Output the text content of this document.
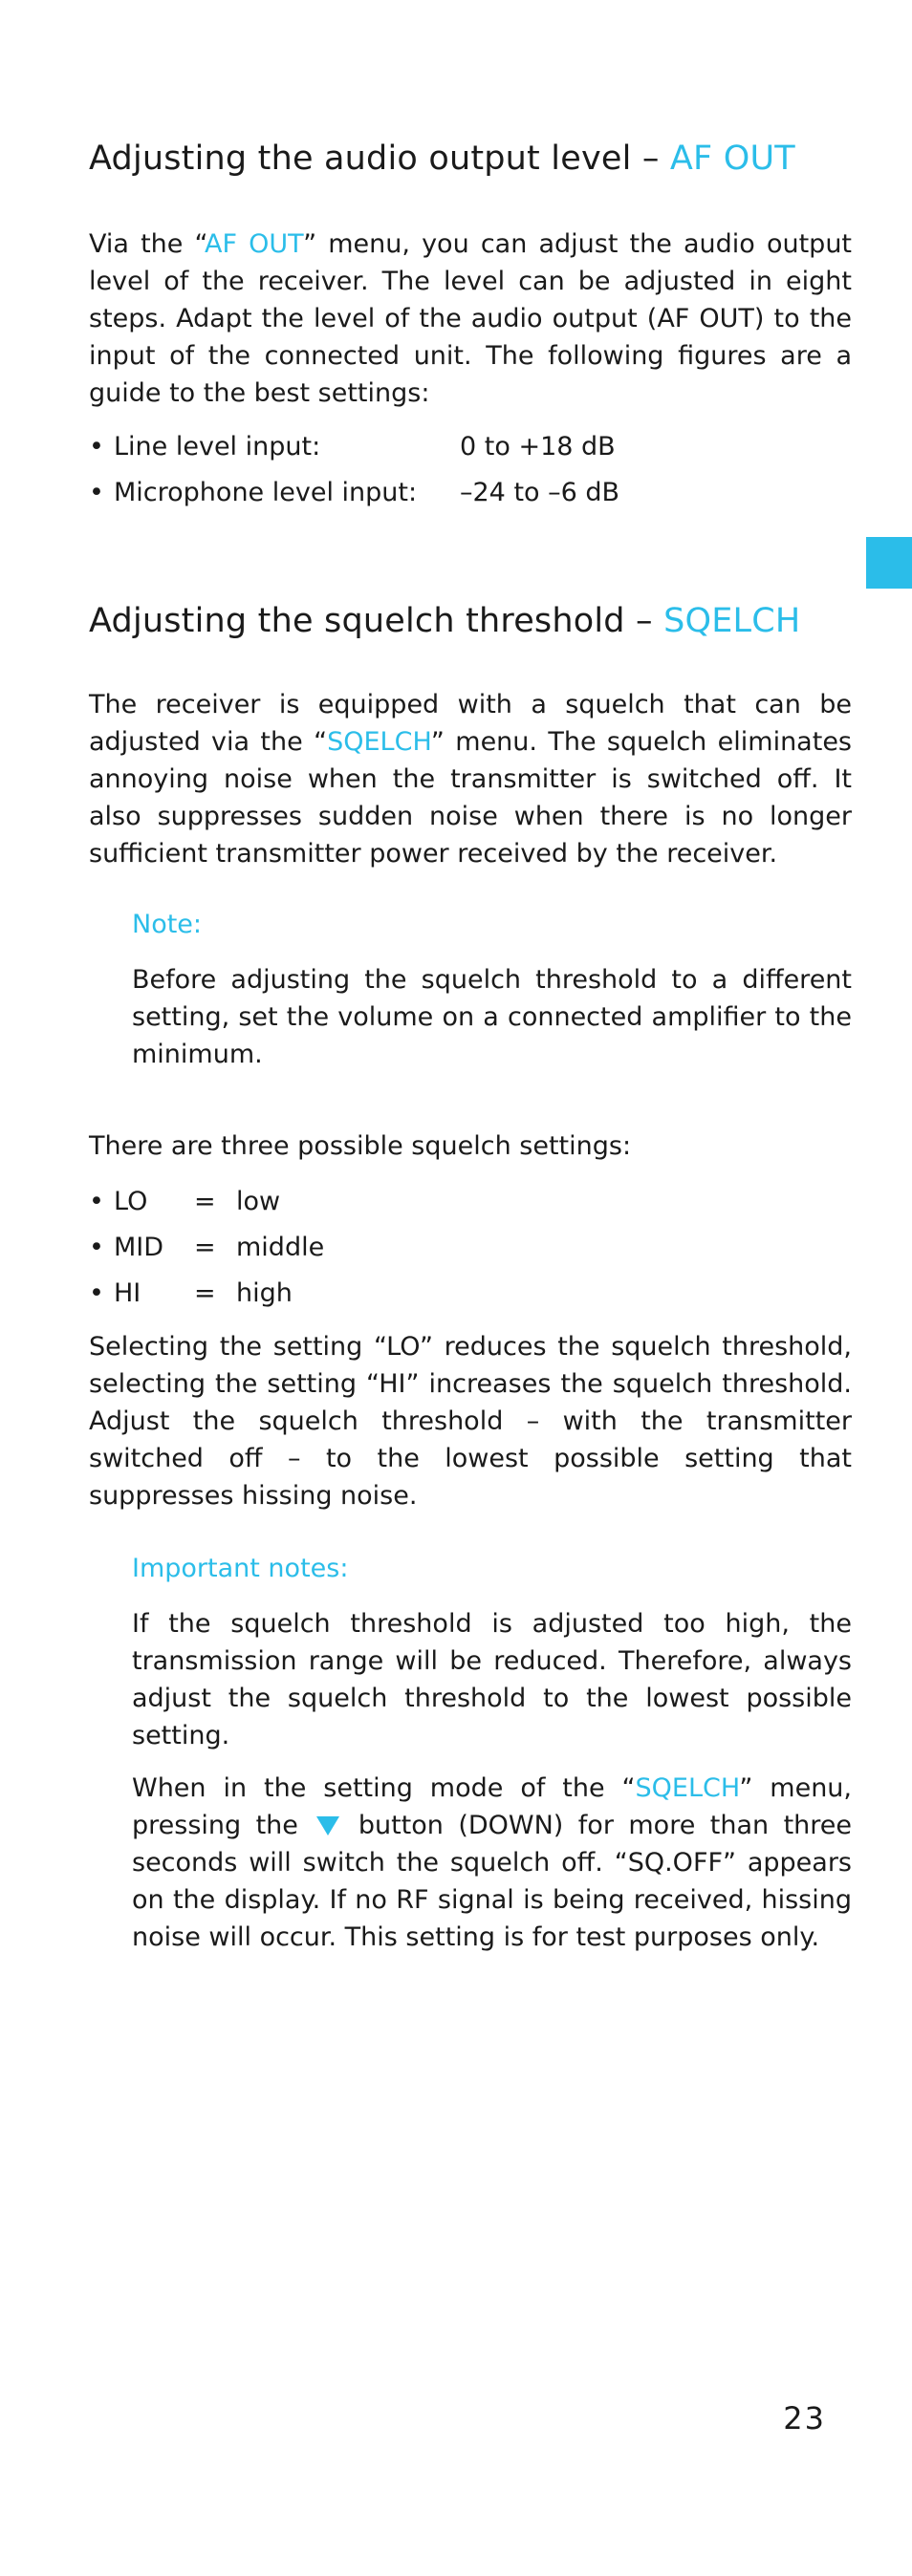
Adjusting the audio output level – AF OUT

Via the “AF OUT” menu, you can adjust the audio output level of the receiver. The level can be adjusted in eight steps. Adapt the level of the audio output (AF OUT) to the input of the connected unit. The following figures are a guide to the best settings:

• Line level input:	0 to +18 dB
• Microphone level input: –24 to –6 dB
Adjusting the squelch threshold – SQELCH

The receiver is equipped with a squelch that can be adjusted via the “SQELCH” menu. The squelch eliminates annoying noise when the transmitter is switched off. It also suppresses sudden noise when there is no longer sufficient transmitter power received by the receiver.

Note:

Before adjusting the squelch threshold to a different setting, set the volume on a connected amplifier to the minimum.

There are three possible squelch settings:

• LO = low
• MID = middle
• HI = high

Selecting the setting “LO” reduces the squelch threshold, selecting the setting “HI” increases the squelch threshold. Adjust the squelch threshold – with the transmitter switched off – to the lowest possible setting that suppresses hissing noise.

Important notes:

If the squelch threshold is adjusted too high, the transmission range will be reduced. Therefore, always adjust the squelch threshold to the lowest possible setting.

When in the setting mode of the “SQELCH” menu, pressing the  button (DOWN) for more than three seconds will switch the squelch off. “SQ.OFF” appears on the display. If no RF signal is being received, hissing noise will occur. This setting is for test purposes only.

23
